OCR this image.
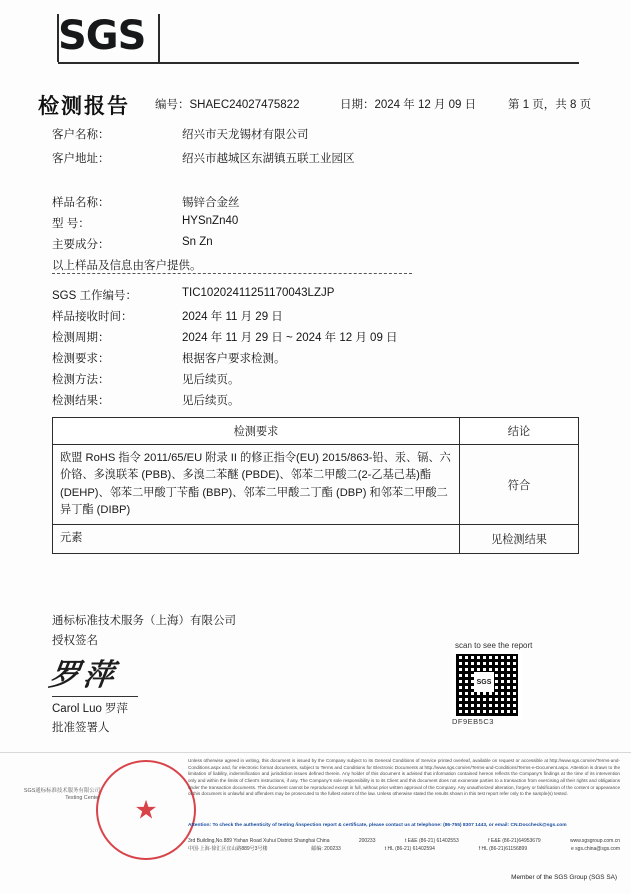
SGS
检测报告 编号：SHAEC24027475822	日期：2024 年 12 月 09 日	第 1 页，共 8 页
客户名称：	绍兴市天龙锡材有限公司
客户地址：	绍兴市越城区东湖镇五联工业园区
样品名称：	锡锌合金丝
型 号：	HYSnZn40
主要成分：	Sn Zn
以上样品及信息由客户提供。
SGS 工作编号：	TIC10202411251170043LZJP
样品接收时间：	2024 年 11 月 29 日
检测周期：	2024 年 11 月 29 日 ~ 2024 年 12 月 09 日
检测要求：	根据客户要求检测。
检测方法：	见后续页。
检测结果：	见后续页。
检测要求	结论
欧盟 RoHS 指令 2011/65/EU 附录 II 的修正指令(EU) 2015/863-铅、汞、镉、六价铬、多溴联苯 (PBB)、多溴二苯醚 (PBDE)、邻苯二甲酸二(2-乙基己基)酯 (DEHP)、邻苯二甲酸丁苄酯 (BBP)、邻苯二甲酸二丁酯 (DBP) 和邻苯二甲酸二异丁酯 (DIBP)	符合
元素	见检测结果
通标标准技术服务（上海）有限公司
授权签名
罗萍
Carol Luo 罗萍
批准签署人
scan to see the report
SGS
DF9EB5C3
★
SGS通标标准技术服务有限公司 Testing Center
Unless otherwise agreed in writing, this document is issued by the Company subject to its General Conditions of Service printed overleaf, available on request or accessible at http://www.sgs.com/en/Terms-and-Conditions.aspx and, for electronic format documents, subject to Terms and Conditions for Electronic Documents at http://www.sgs.com/en/Terms-and-Conditions/Terms-e-Document.aspx. Attention is drawn to the limitation of liability, indemnification and jurisdiction issues defined therein. Any holder of this document is advised that information contained hereon reflects the Company's findings at the time of its intervention only and within the limits of Client's instructions, if any. The Company's sole responsibility is to its Client and this document does not exonerate parties to a transaction from exercising all their rights and obligations under the transaction documents. This document cannot be reproduced except in full, without prior written approval of the Company. Any unauthorized alteration, forgery or falsification of the content or appearance of this document is unlawful and offenders may be prosecuted to the fullest extent of the law. Unless otherwise stated the results shown in this test report refer only to the sample(s) tested.
Attention: To check the authenticity of testing /inspection report & certificate, please contact us at telephone: (86-755) 8307 1443, or email: CN.Doccheck@sgs.com
3rd Building,No.889 Yishan Road Xuhui District Shanghai China	200233	t E&E (86-21) 61402553	f E&E (86-21)64953679	www.sgsgroup.com.cn
中国·上海·徐汇区宜山路889号3号楼	邮编: 200233	t HL (86-21) 61402594	f HL (86-21)61156899	e sgs.china@sgs.com
Member of the SGS Group (SGS SA)
